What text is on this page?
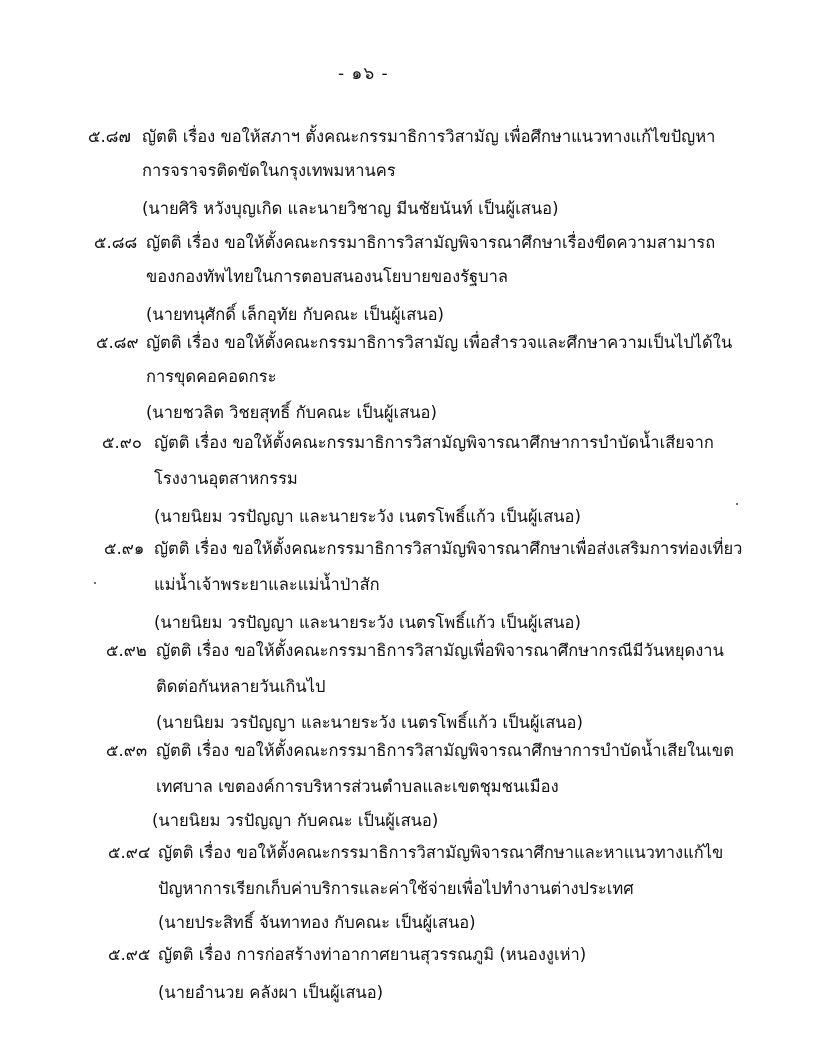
- ๑๖ -
๕.๘๗ ญัตติ เรื่อง ขอให้สภาฯ ตั้งคณะกรรมาธิการวิสามัญ เพื่อศึกษาแนวทางแก้ไขปัญหา
การจราจรติดขัดในกรุงเทพมหานคร
(นายศิริ หวังบุญเกิด และนายวิชาญ มีนชัยนันท์ เป็นผู้เสนอ)
๕.๘๘ ญัตติ เรื่อง ขอให้ตั้งคณะกรรมาธิการวิสามัญพิจารณาศึกษาเรื่องขีดความสามารถ
ของกองทัพไทยในการตอบสนองนโยบายของรัฐบาล
(นายทนุศักดิ์ เล็กอุทัย กับคณะ เป็นผู้เสนอ)
๕.๘๙ ญัตติ เรื่อง ขอให้ตั้งคณะกรรมาธิการวิสามัญ เพื่อสำรวจและศึกษาความเป็นไปได้ใน
การขุดคอคอดกระ
(นายชวลิต วิชยสุทธิ์ กับคณะ เป็นผู้เสนอ)
๕.๙๐ ญัตติ เรื่อง ขอให้ตั้งคณะกรรมาธิการวิสามัญพิจารณาศึกษาการบำบัดน้ำเสียจาก
โรงงานอุตสาหกรรม
(นายนิยม วรปัญญา และนายระวัง เนตรโพธิ์แก้ว เป็นผู้เสนอ)
๕.๙๑ ญัตติ เรื่อง ขอให้ตั้งคณะกรรมาธิการวิสามัญพิจารณาศึกษาเพื่อส่งเสริมการท่องเที่ยว
แม่น้ำเจ้าพระยาและแม่น้ำป่าสัก
(นายนิยม วรปัญญา และนายระวัง เนตรโพธิ์แก้ว เป็นผู้เสนอ)
๕.๙๒ ญัตติ เรื่อง ขอให้ตั้งคณะกรรมาธิการวิสามัญเพื่อพิจารณาศึกษากรณีมีวันหยุดงาน
ติดต่อกันหลายวันเกินไป
(นายนิยม วรปัญญา และนายระวัง เนตรโพธิ์แก้ว เป็นผู้เสนอ)
๕.๙๓ ญัตติ เรื่อง ขอให้ตั้งคณะกรรมาธิการวิสามัญพิจารณาศึกษาการบำบัดน้ำเสียในเขต
เทศบาล เขตองค์การบริหารส่วนตำบลและเขตชุมชนเมือง
(นายนิยม วรปัญญา กับคณะ เป็นผู้เสนอ)
๕.๙๔ ญัตติ เรื่อง ขอให้ตั้งคณะกรรมาธิการวิสามัญพิจารณาศึกษาและหาแนวทางแก้ไข
ปัญหาการเรียกเก็บค่าบริการและค่าใช้จ่ายเพื่อไปทำงานต่างประเทศ
(นายประสิทธิ์ จันทาทอง กับคณะ เป็นผู้เสนอ)
๕.๙๕ ญัตติ เรื่อง การก่อสร้างท่าอากาศยานสุวรรณภูมิ (หนองงูเห่า)
(นายอำนวย คลังผา เป็นผู้เสนอ)
